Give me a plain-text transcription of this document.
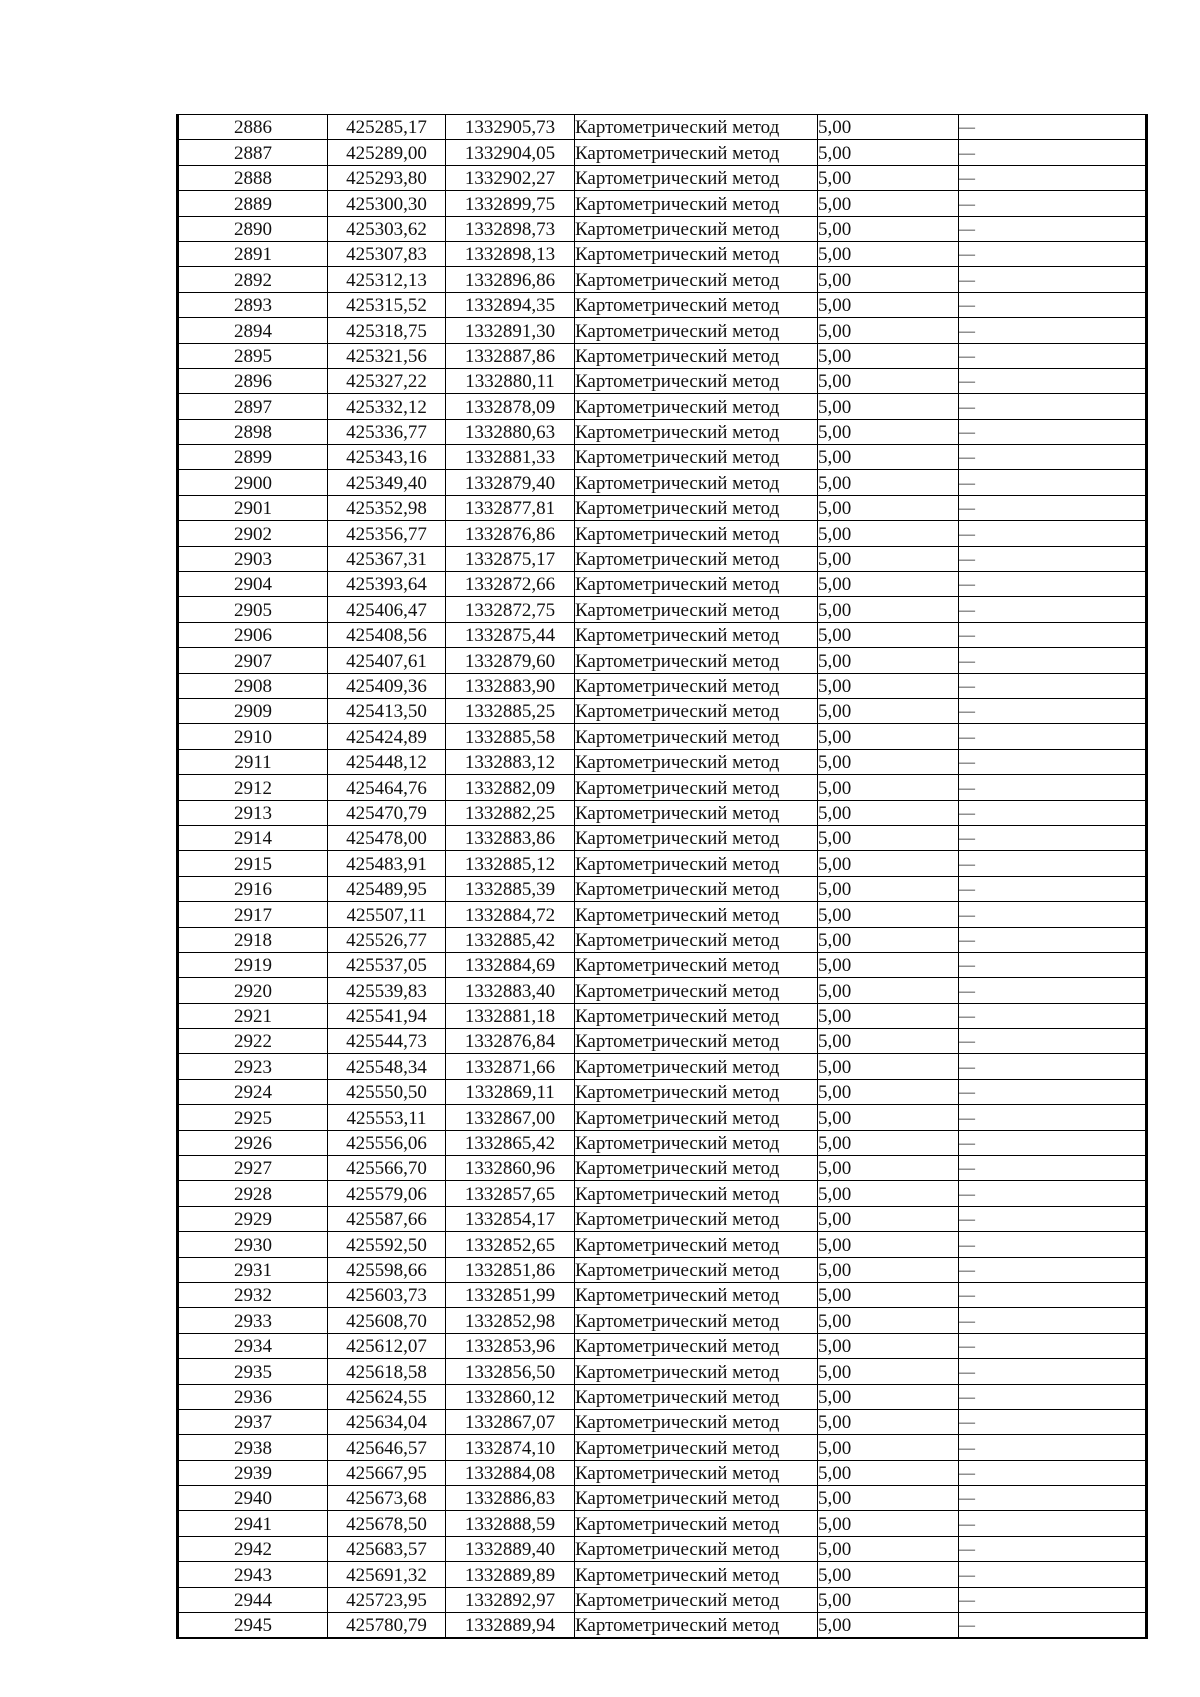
2886	425285,17	1332905,73	Картометрический метод	5,00	—
2887	425289,00	1332904,05	Картометрический метод	5,00	—
2888	425293,80	1332902,27	Картометрический метод	5,00	—
2889	425300,30	1332899,75	Картометрический метод	5,00	—
2890	425303,62	1332898,73	Картометрический метод	5,00	—
2891	425307,83	1332898,13	Картометрический метод	5,00	—
2892	425312,13	1332896,86	Картометрический метод	5,00	—
2893	425315,52	1332894,35	Картометрический метод	5,00	—
2894	425318,75	1332891,30	Картометрический метод	5,00	—
2895	425321,56	1332887,86	Картометрический метод	5,00	—
2896	425327,22	1332880,11	Картометрический метод	5,00	—
2897	425332,12	1332878,09	Картометрический метод	5,00	—
2898	425336,77	1332880,63	Картометрический метод	5,00	—
2899	425343,16	1332881,33	Картометрический метод	5,00	—
2900	425349,40	1332879,40	Картометрический метод	5,00	—
2901	425352,98	1332877,81	Картометрический метод	5,00	—
2902	425356,77	1332876,86	Картометрический метод	5,00	—
2903	425367,31	1332875,17	Картометрический метод	5,00	—
2904	425393,64	1332872,66	Картометрический метод	5,00	—
2905	425406,47	1332872,75	Картометрический метод	5,00	—
2906	425408,56	1332875,44	Картометрический метод	5,00	—
2907	425407,61	1332879,60	Картометрический метод	5,00	—
2908	425409,36	1332883,90	Картометрический метод	5,00	—
2909	425413,50	1332885,25	Картометрический метод	5,00	—
2910	425424,89	1332885,58	Картометрический метод	5,00	—
2911	425448,12	1332883,12	Картометрический метод	5,00	—
2912	425464,76	1332882,09	Картометрический метод	5,00	—
2913	425470,79	1332882,25	Картометрический метод	5,00	—
2914	425478,00	1332883,86	Картометрический метод	5,00	—
2915	425483,91	1332885,12	Картометрический метод	5,00	—
2916	425489,95	1332885,39	Картометрический метод	5,00	—
2917	425507,11	1332884,72	Картометрический метод	5,00	—
2918	425526,77	1332885,42	Картометрический метод	5,00	—
2919	425537,05	1332884,69	Картометрический метод	5,00	—
2920	425539,83	1332883,40	Картометрический метод	5,00	—
2921	425541,94	1332881,18	Картометрический метод	5,00	—
2922	425544,73	1332876,84	Картометрический метод	5,00	—
2923	425548,34	1332871,66	Картометрический метод	5,00	—
2924	425550,50	1332869,11	Картометрический метод	5,00	—
2925	425553,11	1332867,00	Картометрический метод	5,00	—
2926	425556,06	1332865,42	Картометрический метод	5,00	—
2927	425566,70	1332860,96	Картометрический метод	5,00	—
2928	425579,06	1332857,65	Картометрический метод	5,00	—
2929	425587,66	1332854,17	Картометрический метод	5,00	—
2930	425592,50	1332852,65	Картометрический метод	5,00	—
2931	425598,66	1332851,86	Картометрический метод	5,00	—
2932	425603,73	1332851,99	Картометрический метод	5,00	—
2933	425608,70	1332852,98	Картометрический метод	5,00	—
2934	425612,07	1332853,96	Картометрический метод	5,00	—
2935	425618,58	1332856,50	Картометрический метод	5,00	—
2936	425624,55	1332860,12	Картометрический метод	5,00	—
2937	425634,04	1332867,07	Картометрический метод	5,00	—
2938	425646,57	1332874,10	Картометрический метод	5,00	—
2939	425667,95	1332884,08	Картометрический метод	5,00	—
2940	425673,68	1332886,83	Картометрический метод	5,00	—
2941	425678,50	1332888,59	Картометрический метод	5,00	—
2942	425683,57	1332889,40	Картометрический метод	5,00	—
2943	425691,32	1332889,89	Картометрический метод	5,00	—
2944	425723,95	1332892,97	Картометрический метод	5,00	—
2945	425780,79	1332889,94	Картометрический метод	5,00	—
